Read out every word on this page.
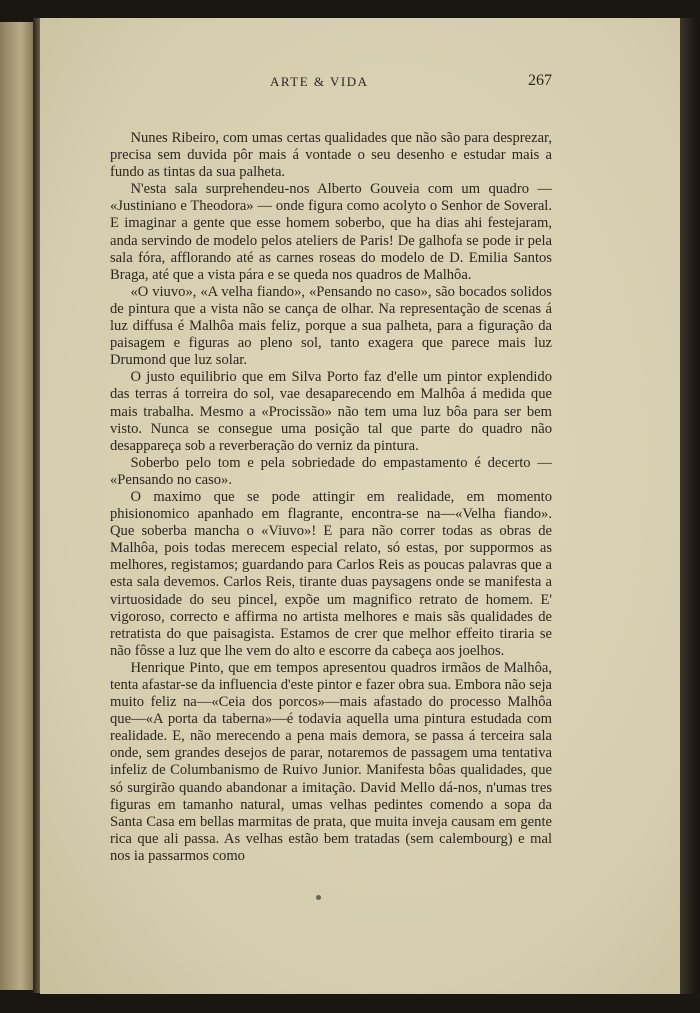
ARTE & VIDA	267

Nunes Ribeiro, com umas certas qualidades que não são para desprezar, precisa sem duvida pôr mais á vontade o seu desenho e estudar mais a fundo as tintas da sua palheta.

N'esta sala surprehendeu-nos Alberto Gouveia com um quadro — «Justiniano e Theodora» — onde figura como acolyto o Senhor de Soveral. E imaginar a gente que esse homem soberbo, que ha dias ahi festejaram, anda servindo de modelo pelos ateliers de Paris! De galhofa se pode ir pela sala fóra, afflorando até as carnes roseas do modelo de D. Emilia Santos Braga, até que a vista pára e se queda nos quadros de Malhôa.

«O viuvo», «A velha fiando», «Pensando no caso», são bocados solidos de pintura que a vista não se cança de olhar. Na representação de scenas á luz diffusa é Malhôa mais feliz, porque a sua palheta, para a figuração da paisagem e figuras ao pleno sol, tanto exagera que parece mais luz Drumond que luz solar.

O justo equilibrio que em Silva Porto faz d'elle um pintor explendido das terras á torreira do sol, vae desaparecendo em Malhôa á medida que mais trabalha. Mesmo a «Procissão» não tem uma luz bôa para ser bem visto. Nunca se consegue uma posição tal que parte do quadro não desappareça sob a reverberação do verniz da pintura.

Soberbo pelo tom e pela sobriedade do empastamento é decerto — «Pensando no caso».

O maximo que se pode attingir em realidade, em momento phisionomico apanhado em flagrante, encontra-se na—«Velha fiando». Que soberba mancha o «Viuvo»! E para não correr todas as obras de Malhôa, pois todas merecem especial relato, só estas, por suppormos as melhores, registamos; guardando para Carlos Reis as poucas palavras que a esta sala devemos. Carlos Reis, tirante duas paysagens onde se manifesta a virtuosidade do seu pincel, expõe um magnifico retrato de homem. E' vigoroso, correcto e affirma no artista melhores e mais sãs qualidades de retratista do que paisagista. Estamos de crer que melhor effeito tiraria se não fôsse a luz que lhe vem do alto e escorre da cabeça aos joelhos.

Henrique Pinto, que em tempos apresentou quadros irmãos de Malhôa, tenta afastar-se da influencia d'este pintor e fazer obra sua. Embora não seja muito feliz na—«Ceia dos porcos»—mais afastado do processo Malhôa que—«A porta da taberna»—é todavia aquella uma pintura estudada com realidade. E, não merecendo a pena mais demora, se passa á terceira sala onde, sem grandes desejos de parar, notaremos de passagem uma tentativa infeliz de Columbanismo de Ruivo Junior. Manifesta bôas qualidades, que só surgirão quando abandonar a imitação. David Mello dá-nos, n'umas tres figuras em tamanho natural, umas velhas pedintes comendo a sopa da Santa Casa em bellas marmitas de prata, que muita inveja causam em gente rica que ali passa. As velhas estão bem tratadas (sem calembourg) e mal nos ia passarmos como
